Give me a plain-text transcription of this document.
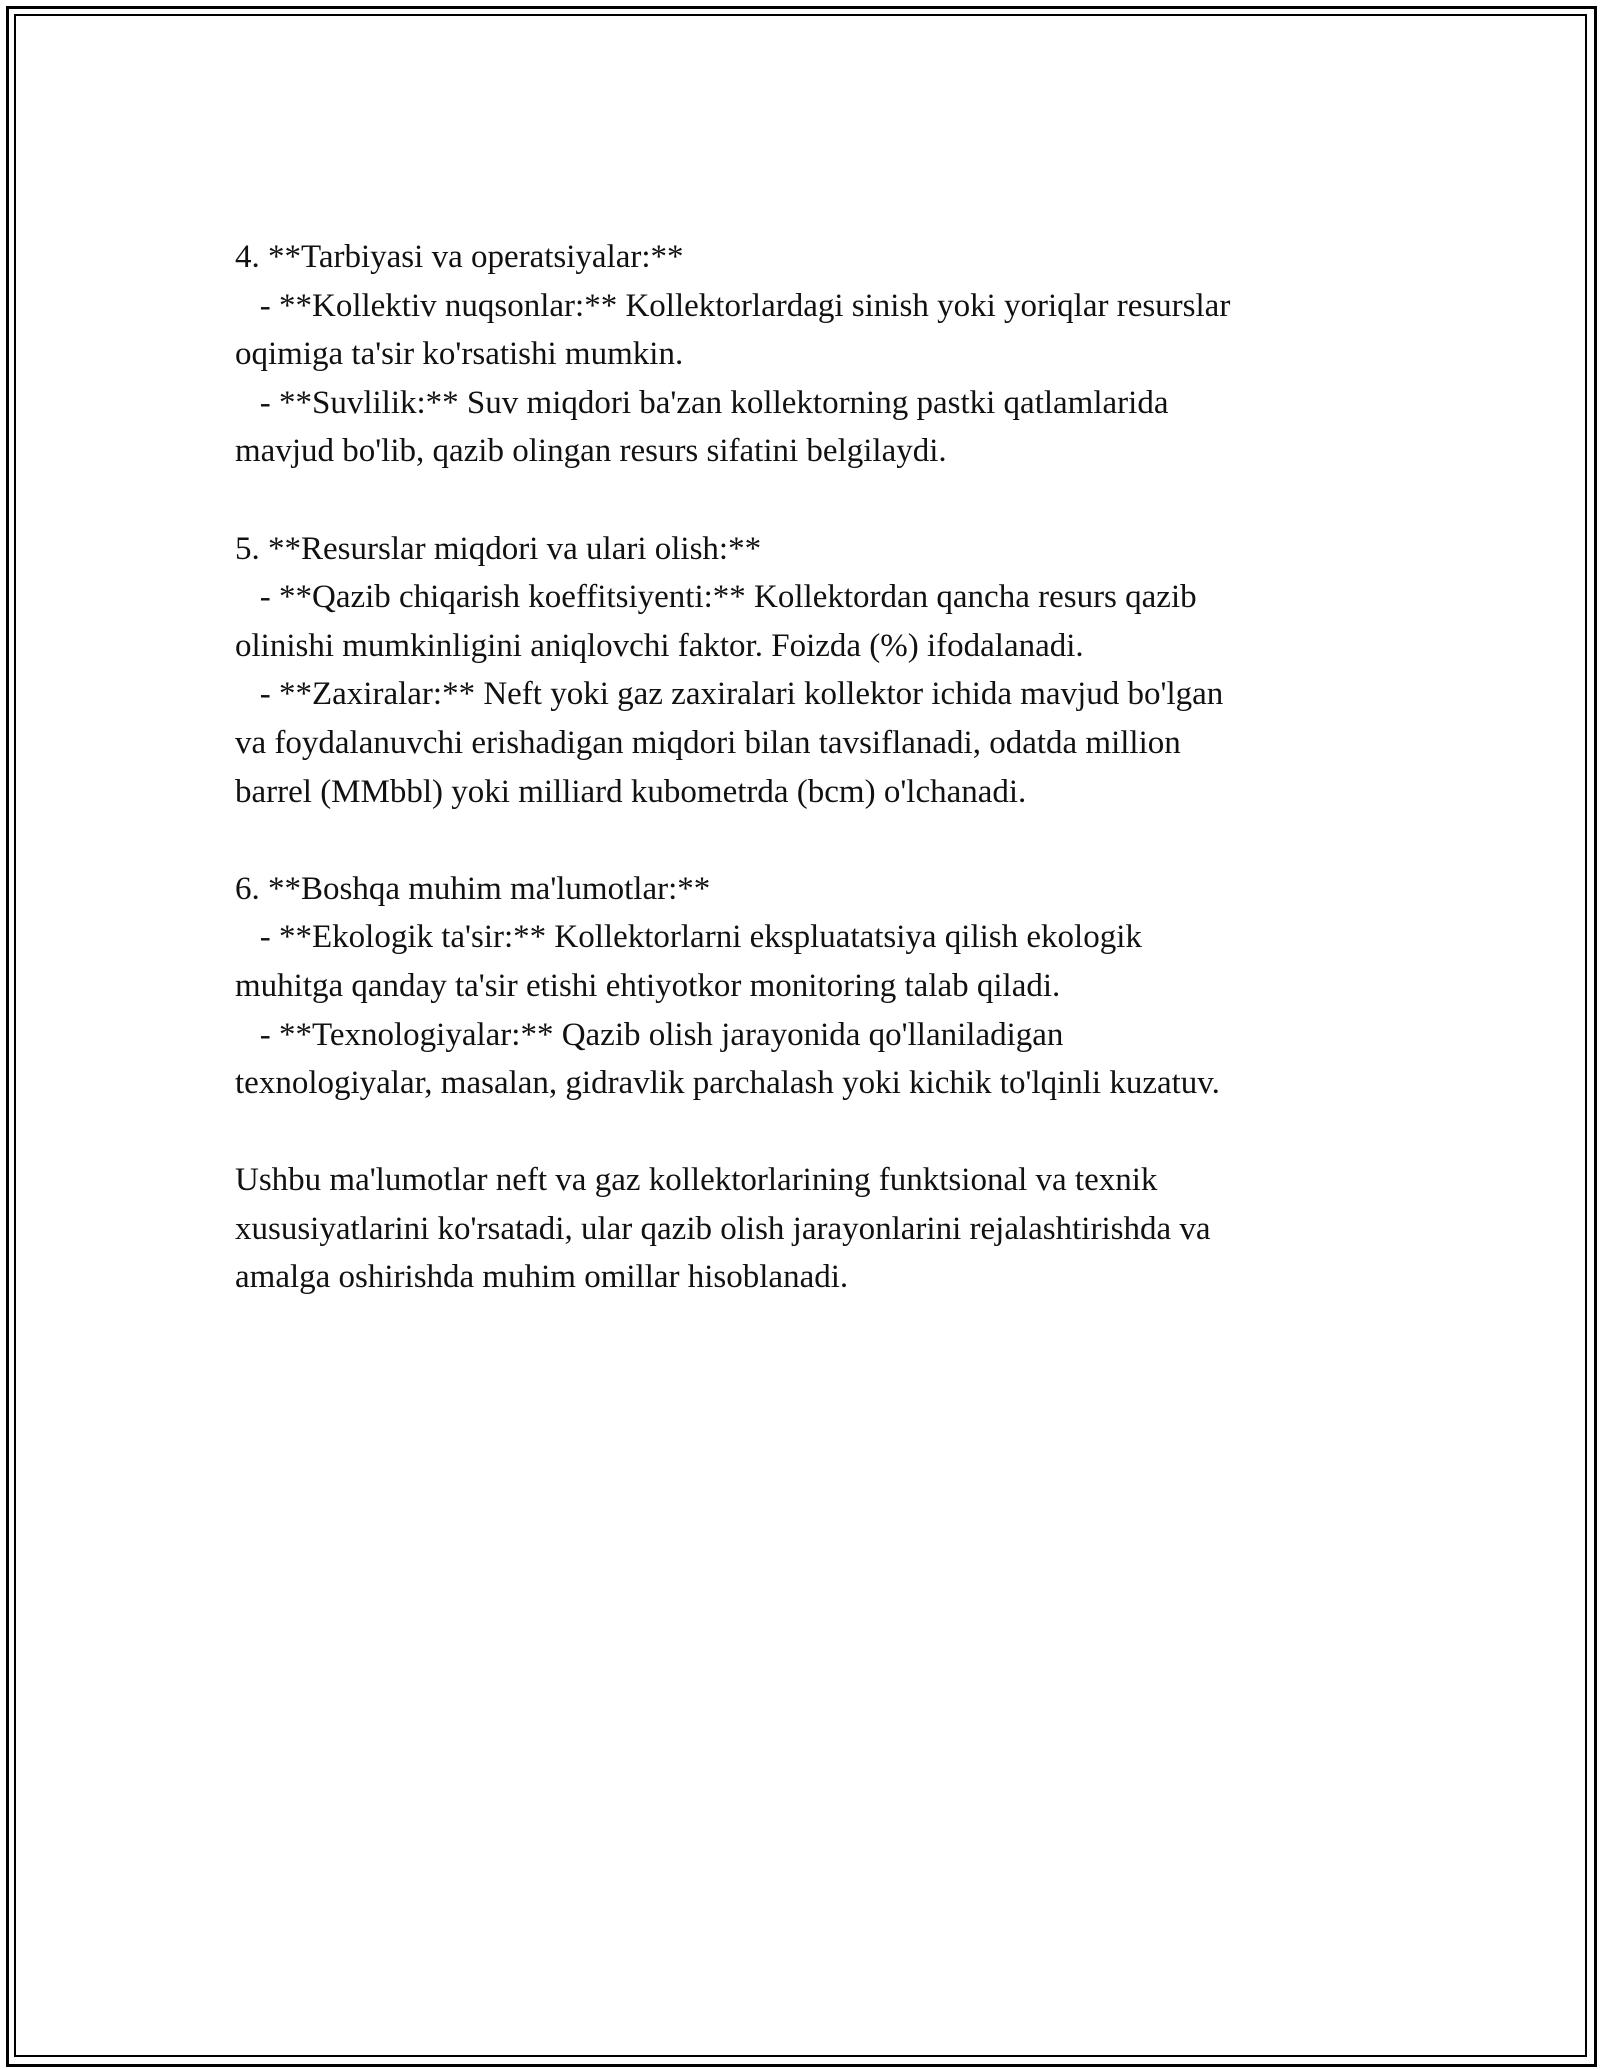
4. **Tarbiyasi va operatsiyalar:**
- **Kollektiv nuqsonlar:** Kollektorlardagi sinish yoki yoriqlar resurslar
oqimiga ta'sir ko'rsatishi mumkin.
- **Suvlilik:** Suv miqdori ba'zan kollektorning pastki qatlamlarida
mavjud bo'lib, qazib olingan resurs sifatini belgilaydi.
5. **Resurslar miqdori va ulari olish:**
- **Qazib chiqarish koeffitsiyenti:** Kollektordan qancha resurs qazib
olinishi mumkinligini aniqlovchi faktor. Foizda (%) ifodalanadi.
- **Zaxiralar:** Neft yoki gaz zaxiralari kollektor ichida mavjud bo'lgan
va foydalanuvchi erishadigan miqdori bilan tavsiflanadi, odatda million
barrel (MMbbl) yoki milliard kubometrda (bcm) o'lchanadi.
6. **Boshqa muhim ma'lumotlar:**
- **Ekologik ta'sir:** Kollektorlarni ekspluatatsiya qilish ekologik
muhitga qanday ta'sir etishi ehtiyotkor monitoring talab qiladi.
- **Texnologiyalar:** Qazib olish jarayonida qo'llaniladigan
texnologiyalar, masalan, gidravlik parchalash yoki kichik to'lqinli kuzatuv.
Ushbu ma'lumotlar neft va gaz kollektorlarining funktsional va texnik
xususiyatlarini ko'rsatadi, ular qazib olish jarayonlarini rejalashtirishda va
amalga oshirishda muhim omillar hisoblanadi.
